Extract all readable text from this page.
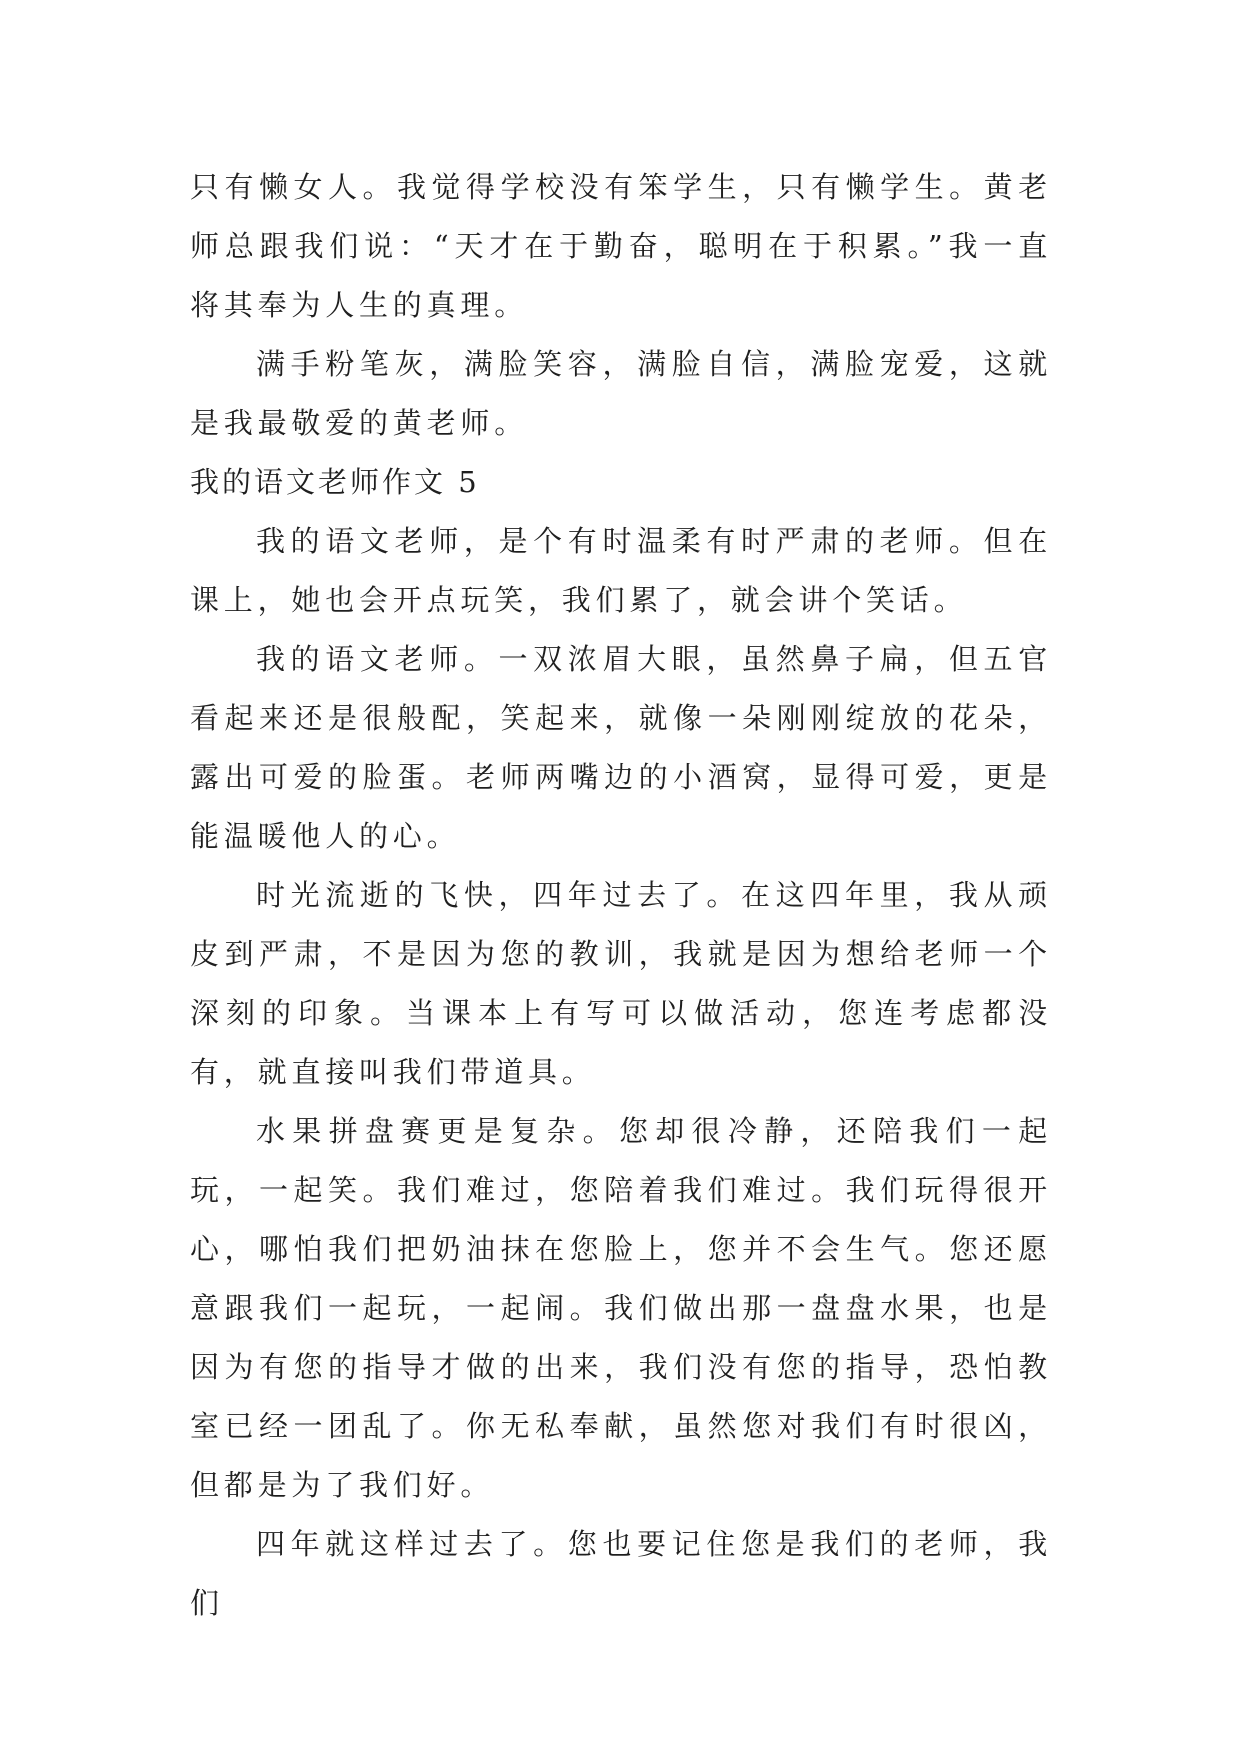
只有懒女人。我觉得学校没有笨学生，只有懒学生。黄老师总跟我们说：“天才在于勤奋，聪明在于积累。”我一直将其奉为人生的真理。

满手粉笔灰，满脸笑容，满脸自信，满脸宠爱，这就是我最敬爱的黄老师。

我的语文老师作文 5

我的语文老师，是个有时温柔有时严肃的老师。但在课上，她也会开点玩笑，我们累了，就会讲个笑话。

我的语文老师。一双浓眉大眼，虽然鼻子扁，但五官看起来还是很般配，笑起来，就像一朵刚刚绽放的花朵，露出可爱的脸蛋。老师两嘴边的小酒窝，显得可爱，更是能温暖他人的心。

时光流逝的飞快，四年过去了。在这四年里，我从顽皮到严肃，不是因为您的教训，我就是因为想给老师一个深刻的印象。当课本上有写可以做活动，您连考虑都没有，就直接叫我们带道具。

水果拼盘赛更是复杂。您却很冷静，还陪我们一起玩，一起笑。我们难过，您陪着我们难过。我们玩得很开心，哪怕我们把奶油抹在您脸上，您并不会生气。您还愿意跟我们一起玩，一起闹。我们做出那一盘盘水果，也是因为有您的指导才做的出来，我们没有您的指导，恐怕教室已经一团乱了。你无私奉献，虽然您对我们有时很凶，但都是为了我们好。

四年就这样过去了。您也要记住您是我们的老师，我们
